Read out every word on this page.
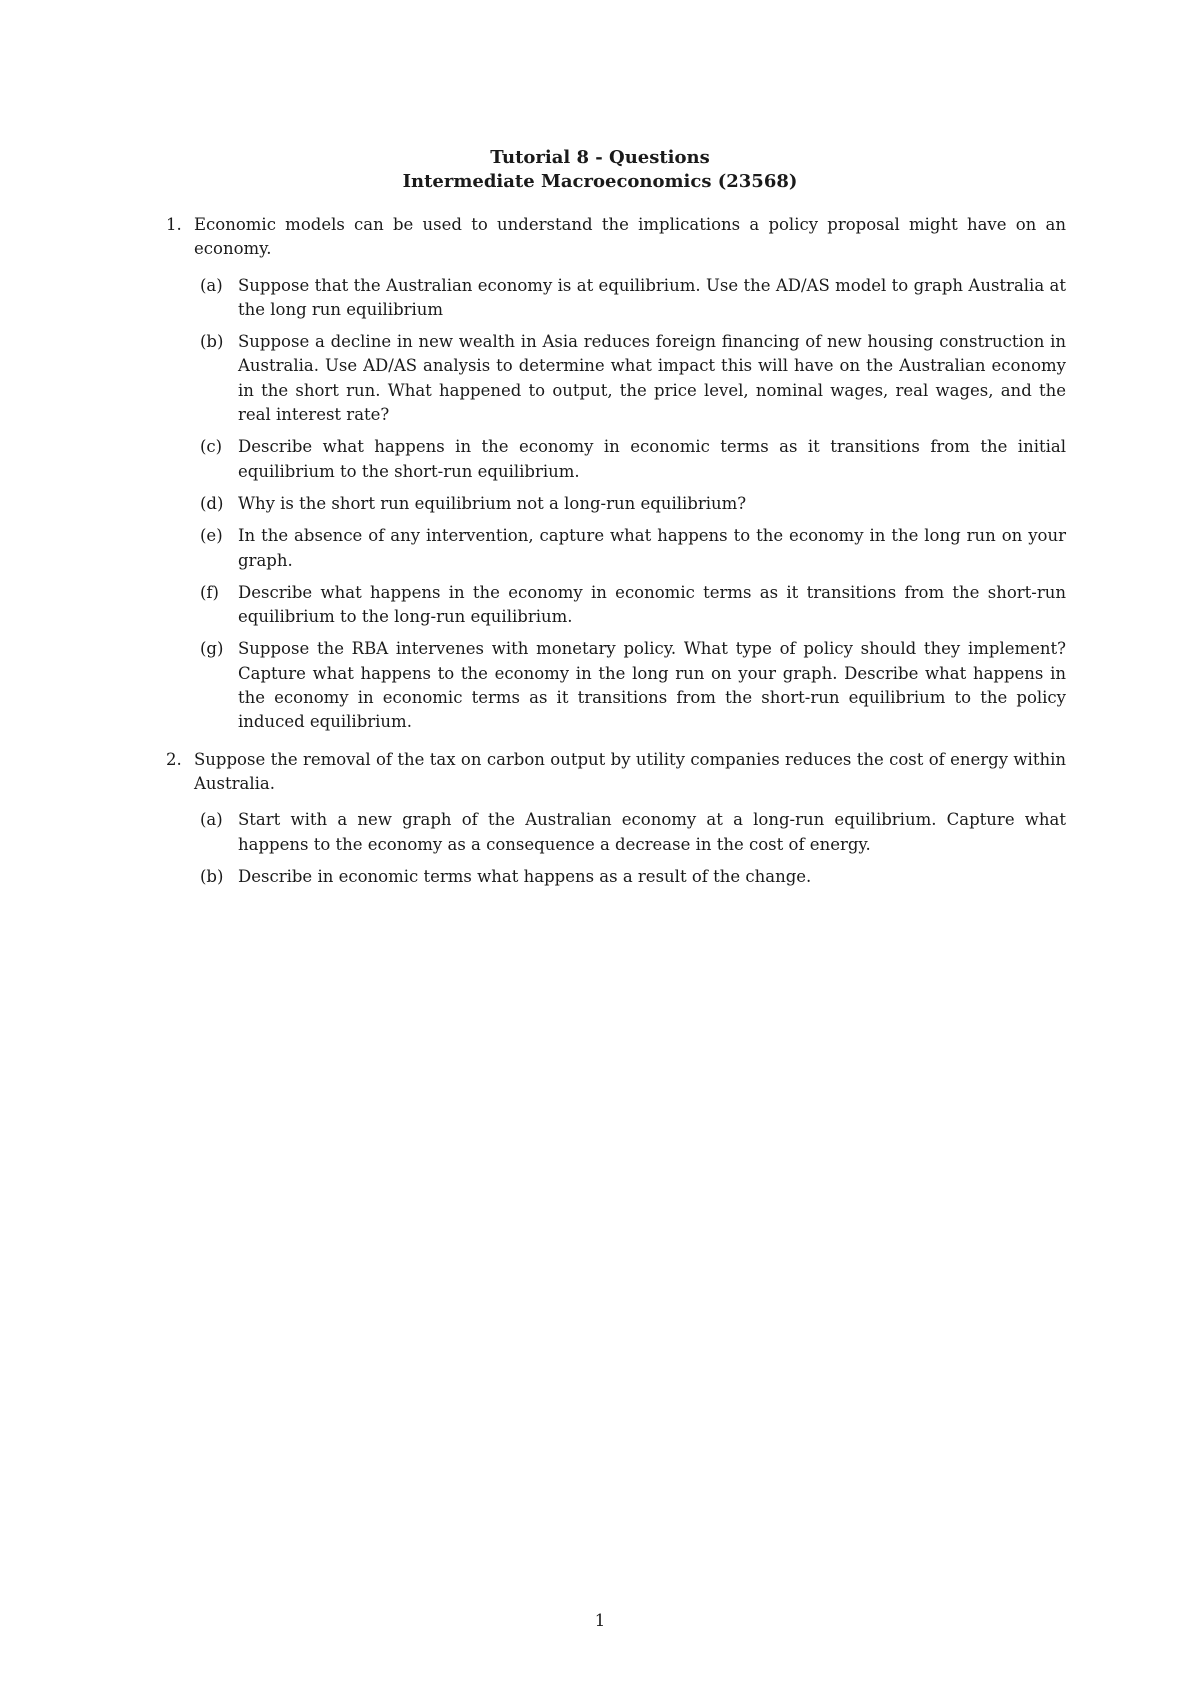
Tutorial 8 - Questions
Intermediate Macroeconomics (23568)
1. Economic models can be used to understand the implications a policy proposal might have on an economy.
(a) Suppose that the Australian economy is at equilibrium. Use the AD/AS model to graph Australia at the long run equilibrium
(b) Suppose a decline in new wealth in Asia reduces foreign financing of new housing construction in Australia. Use AD/AS analysis to determine what impact this will have on the Australian economy in the short run. What happened to output, the price level, nominal wages, real wages, and the real interest rate?
(c) Describe what happens in the economy in economic terms as it transitions from the initial equilibrium to the short-run equilibrium.
(d) Why is the short run equilibrium not a long-run equilibrium?
(e) In the absence of any intervention, capture what happens to the economy in the long run on your graph.
(f)	Describe what happens in the economy in economic terms as it transitions from the short-run equilibrium to the long-run equilibrium.
(g) Suppose the RBA intervenes with monetary policy. What type of policy should they implement? Capture what happens to the economy in the long run on your graph. Describe what happens in the economy in economic terms as it transitions from the short-run equilibrium to the policy induced equilibrium.
2. Suppose the removal of the tax on carbon output by utility companies reduces the cost of energy within Australia.
(a) Start with a new graph of the Australian economy at a long-run equilibrium. Capture what happens to the economy as a consequence a decrease in the cost of energy.
(b) Describe in economic terms what happens as a result of the change.
1
